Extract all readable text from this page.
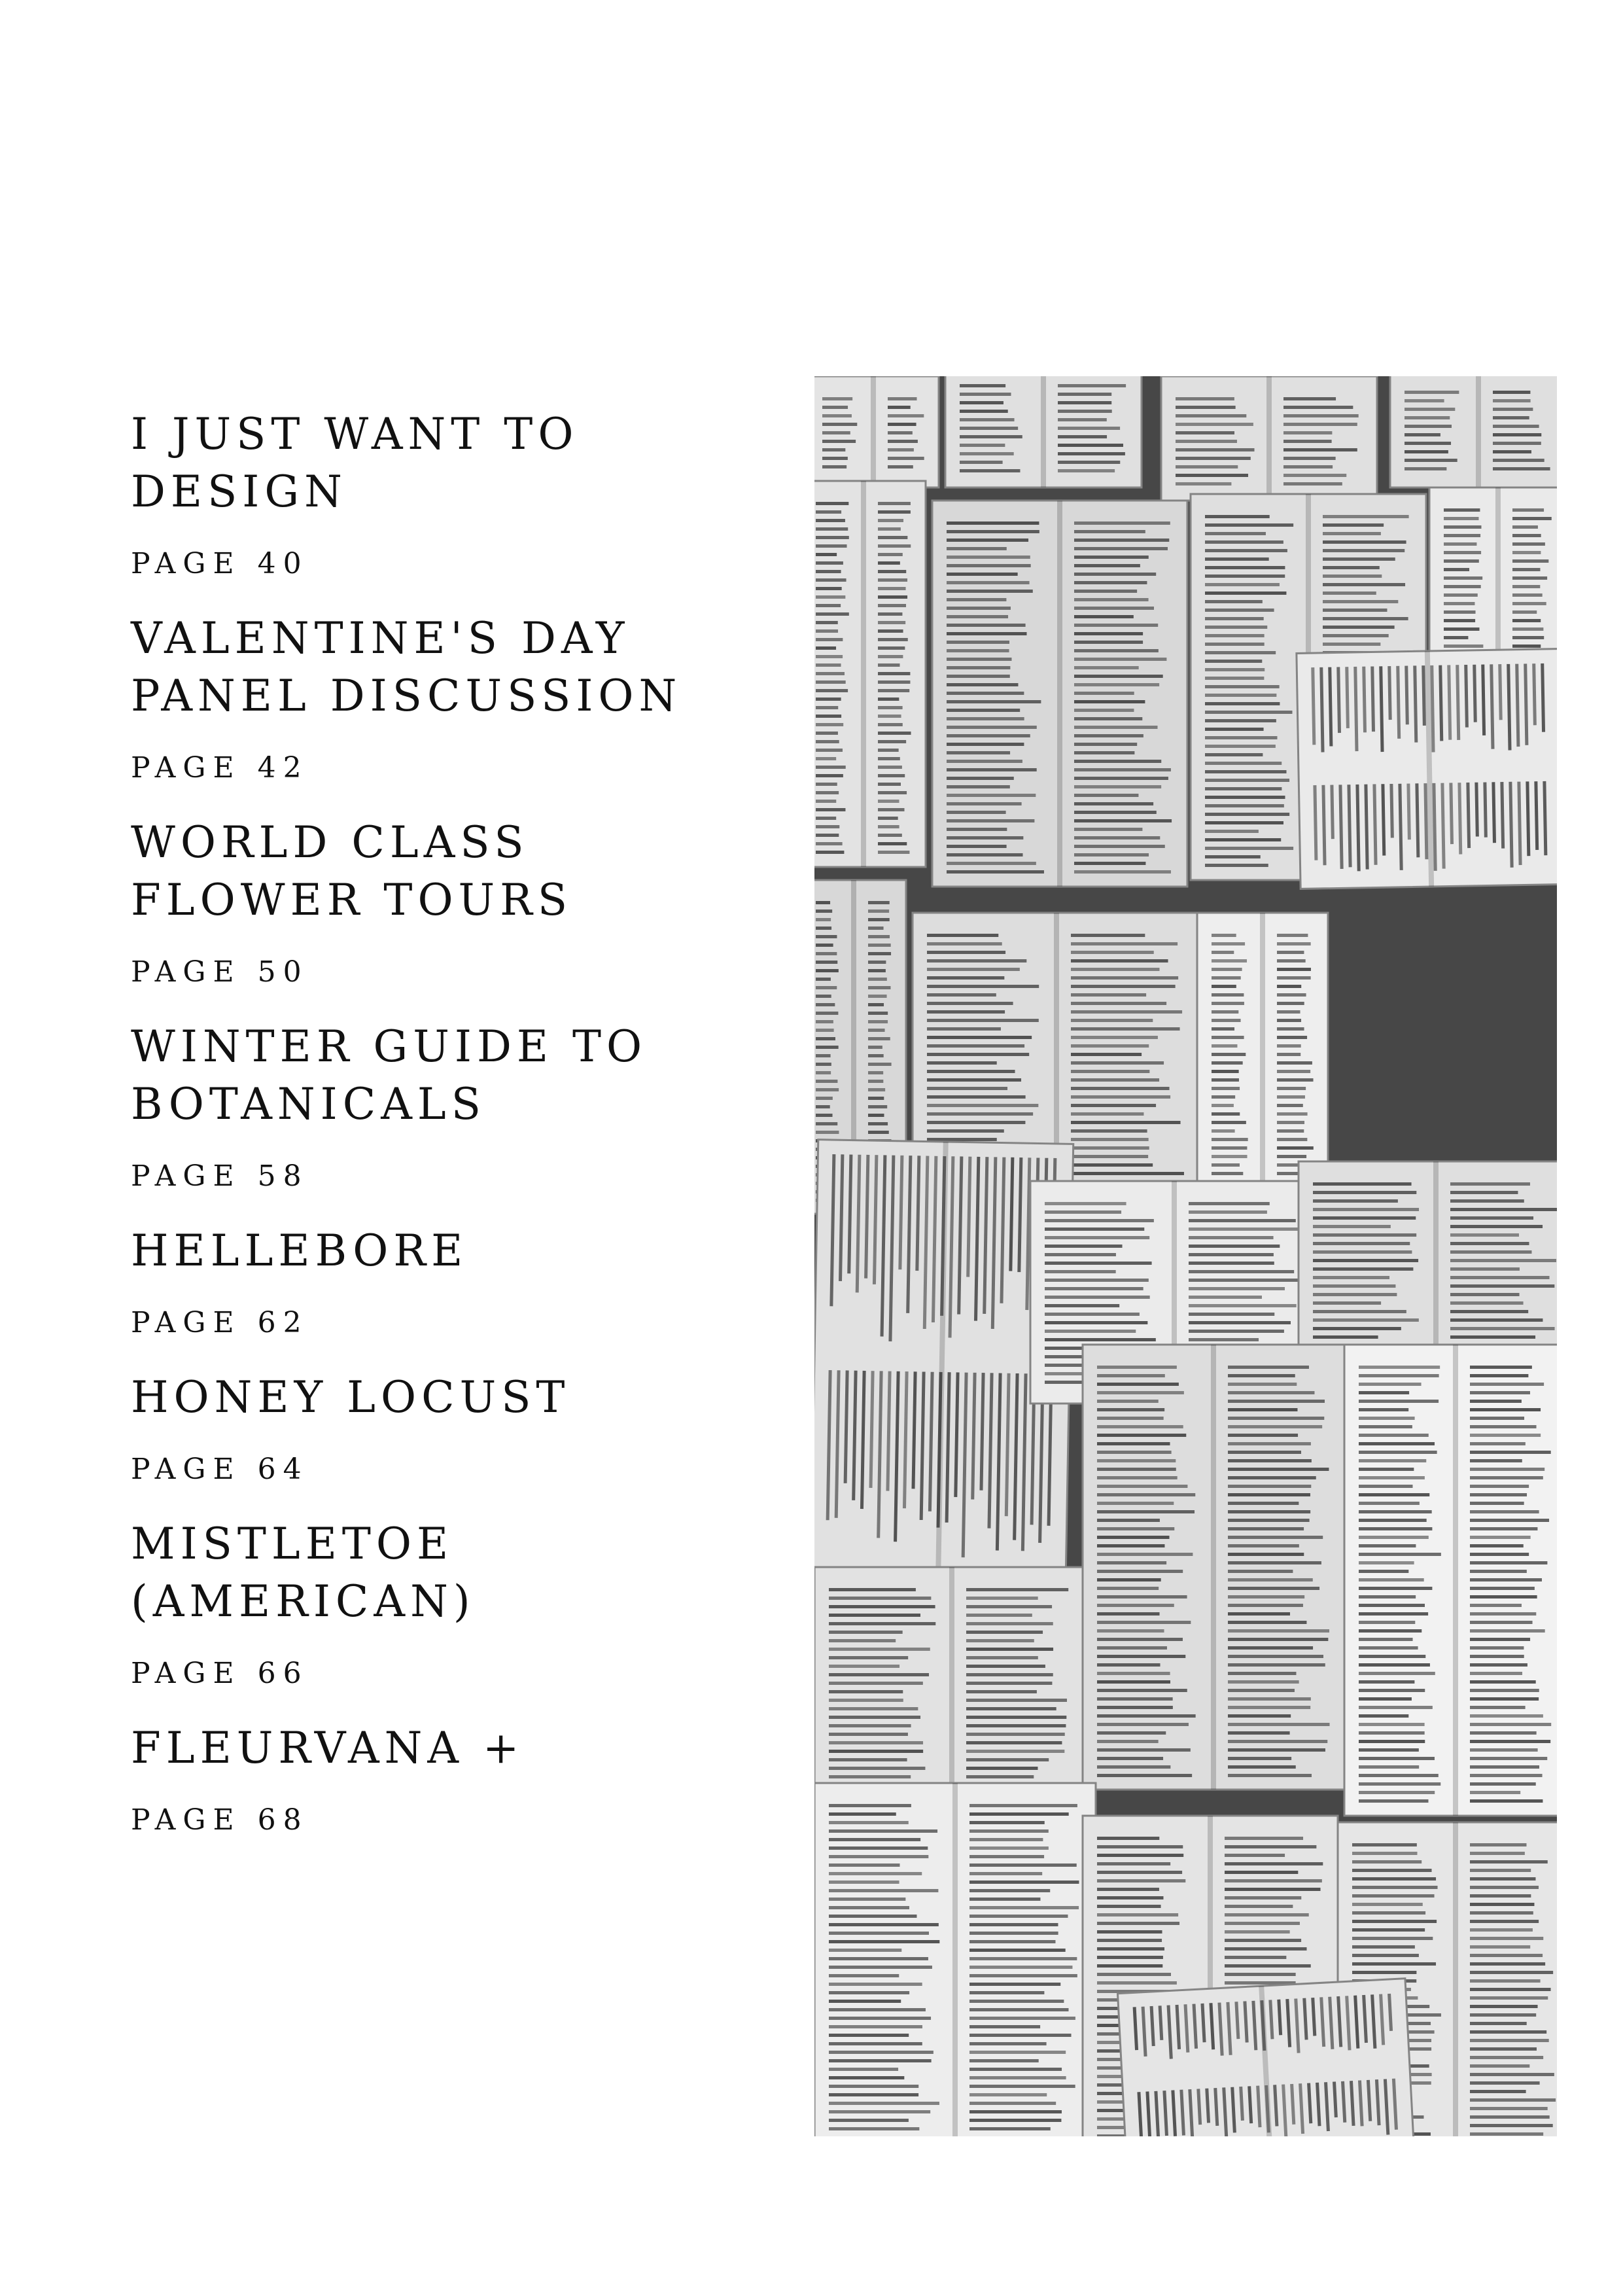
I JUST WANT TO DESIGN
PAGE 40
VALENTINE'S DAY PANEL DISCUSSION
PAGE 42
WORLD CLASS FLOWER TOURS
PAGE 50
WINTER GUIDE TO BOTANICALS
PAGE 58
HELLEBORE
PAGE 62
HONEY LOCUST
PAGE 64
MISTLETOE (AMERICAN)
PAGE 66
FLEURVANA +
PAGE 68
